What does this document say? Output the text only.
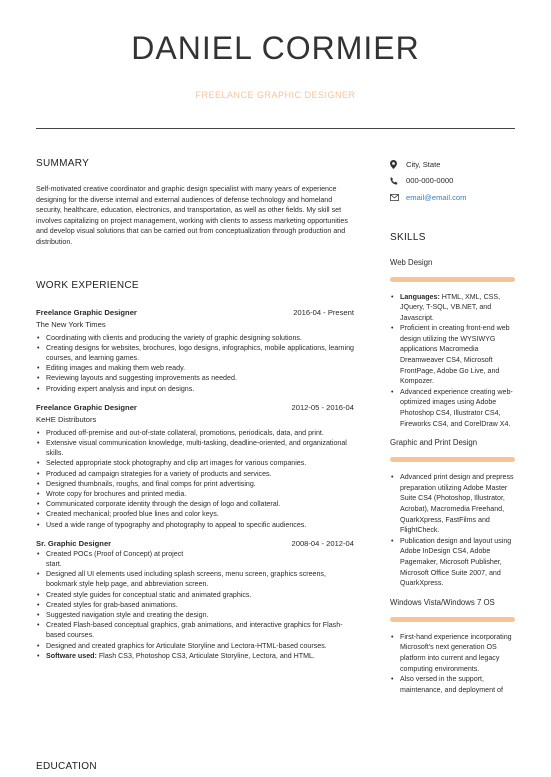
DANIEL CORMIER
FREELANCE GRAPHIC DESIGNER
SUMMARY

Self-motivated creative coordinator and graphic design specialist with many years of experience designing for the diverse internal and external audiences of defense technology and homeland security, healthcare, education, electronics, and transportation, as well as other fields. My skill set involves capitalizing on project management, working with clients to assess marketing opportunities and develop visual solutions that can be carried out from conceptualization through production and distribution.

WORK EXPERIENCE
Freelance Graphic Designer	2016-04 - Present
The New York Times
• Coordinating with clients and producing the variety of graphic designing solutions.
• Creating designs for websites, brochures, logo designs, infographics, mobile applications, learning courses, and learning games.
• Editing images and making them web ready.
• Reviewing layouts and suggesting improvements as needed.
• Providing expert analysis and input on designs.
Freelance Graphic Designer	2012-05 - 2016-04
KeHE Distributors
• Produced off-premise and out-of-state collateral, promotions, periodicals, data, and print.
• Extensive visual communication knowledge, multi-tasking, deadline-oriented, and organizational skills.
• Selected appropriate stock photography and clip art images for various companies.
• Produced ad campaign strategies for a variety of products and services.
• Designed thumbnails, roughs, and final comps for print advertising.
• Wrote copy for brochures and printed media.
• Communicated corporate identity through the design of logo and collateral.
• Created mechanical; proofed blue lines and color keys.
• Used a wide range of typography and photography to appeal to specific audiences.
Sr. Graphic Designer	2008-04 - 2012-04
• Created POCs (Proof of Concept) at project start.
• Designed all UI elements used including splash screens, menu screen, graphics screens, bookmark style help page, and abbreviation screen.
• Created style guides for conceptual static and animated graphics.
• Created styles for grab-based animations.
• Suggested navigation style and creating the design.
• Created Flash-based conceptual graphics, grab animations, and interactive graphics for Flash-based courses.
• Designed and created graphics for Articulate Storyline and Lectora-HTML-based courses.
• Software used: Flash CS3, Photoshop CS3, Articulate Storyline, Lectora, and HTML.
EDUCATION
City, State
000-000-0000
email@email.com
SKILLS
Web Design
• Languages: HTML, XML, CSS, JQuery, T-SQL, VB.NET, and Javascript.
• Proficient in creating front-end web design utilizing the WYSIWYG applications Macromedia Dreamweaver CS4, Microsoft FrontPage, Adobe Go Live, and Kompozer.
• Advanced experience creating web-optimized images using Adobe Photoshop CS4, Illustrator CS4, Fireworks CS4, and CorelDraw X4.
Graphic and Print Design
• Advanced print design and prepress preparation utilizing Adobe Master Suite CS4 (Photoshop, Illustrator, Acrobat), Macromedia Freehand, QuarkXpress, FastFilms and FlightCheck.
• Publication design and layout using Adobe InDesign CS4, Adobe Pagemaker, Microsoft Publisher, Microsoft Office Suite 2007, and QuarkXpress.
Windows Vista/Windows 7 OS
• First-hand experience incorporating Microsoft's next generation OS platform into current and legacy computing environments.
• Also versed in the support, maintenance, and deployment of
